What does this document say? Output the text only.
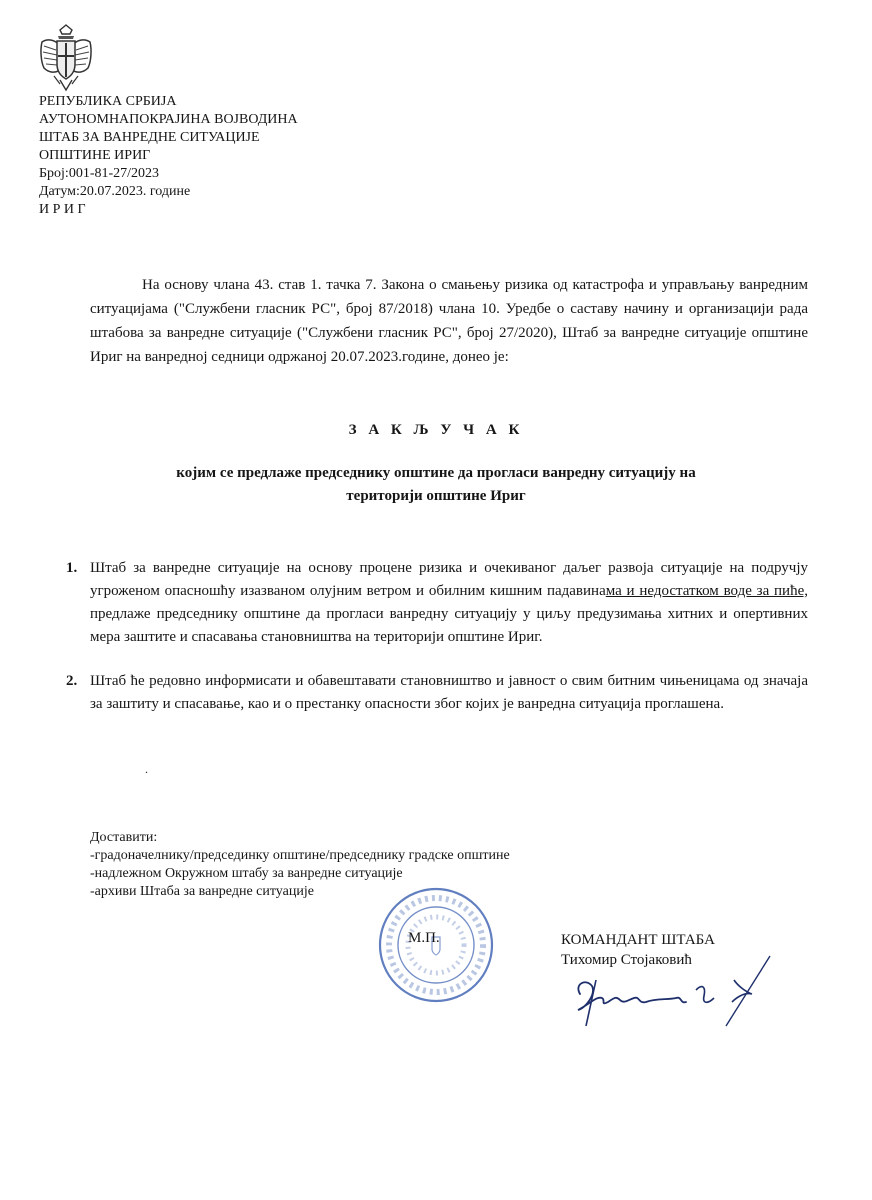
РЕПУБЛИКА СРБИЈА
АУТОНОМНАПОКРАЈИНА ВОЈВОДИНА
ШТАБ ЗА ВАНРЕДНЕ СИТУАЦИЈЕ
ОПШТИНЕ ИРИГ
Број:001-81-27/2023
Датум:20.07.2023. године
И Р И Г
На основу члана 43. став 1. тачка 7. Закона о смањењу ризика од катастрофа и управљању ванредним ситуацијама ("Службени гласник РС", број 87/2018) члана 10. Уредбе о саставу начину и организацији рада штабова за ванредне ситуације ("Службени гласник РС", број 27/2020), Штаб за ванредне ситуације општине Ириг на ванредној седници одржаној 20.07.2023.године, донео је:
З А К Љ У Ч А К
којим се предлаже председнику општине да прогласи ванредну ситуацију на
територији општине Ириг
1. Штаб за ванредне ситуације на основу процене ризика и очекиваног даљег развоја ситуације на подручју угроженом опасношћу изазваном олујним ветром и обилним кишним падавинама и недостатком воде за пиће, предлаже председнику општине да прогласи ванредну ситуацију у циљу предузимања хитних и опертивних мера заштите и спасавања становништва на територији општине Ириг.
2. Штаб ће редовно информисати и обавештавати становништво и јавност о свим битним чињеницама од значаја за заштиту и спасавање, као и о престанку опасности због којих је ванредна ситуација проглашена.
.
Доставити:
-градоначелнику/председинку општине/председнику градске општине
-надлежном Окружном штабу за ванредне ситуације
-архиви Штаба за ванредне ситуације
М.П.	КОМАНДАНТ ШТАБА
Тихомир Стојаковић
